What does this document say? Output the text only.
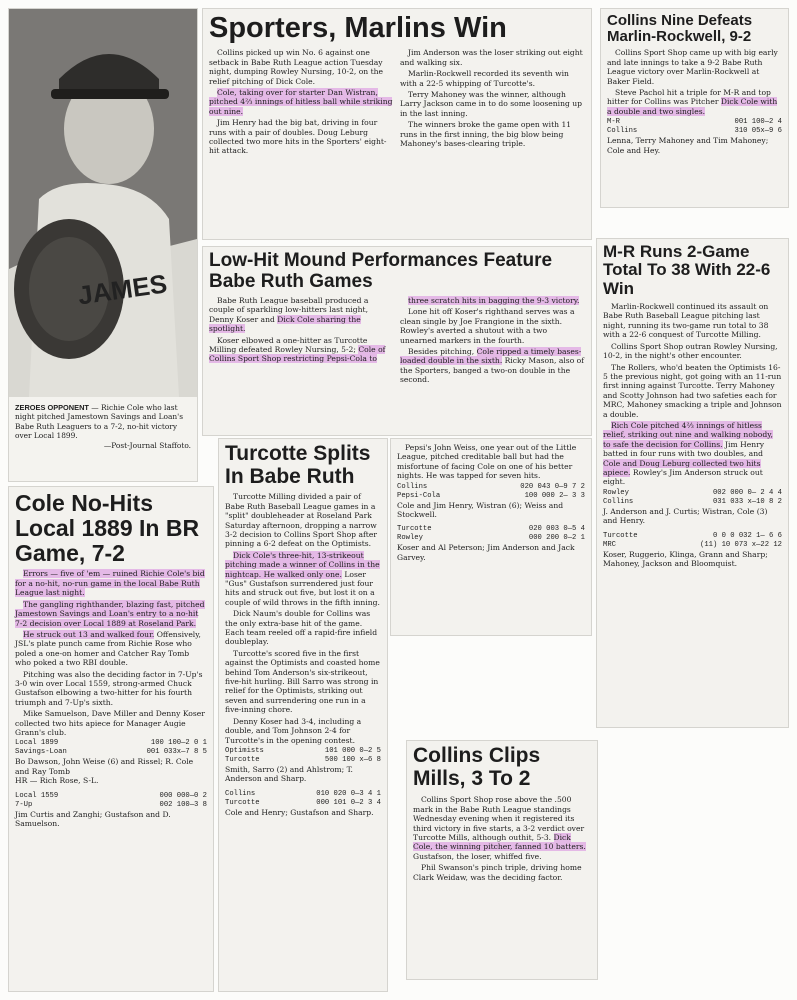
JAMES
ZEROES OPPONENT — Richie Cole who last night pitched Jamestown Savings and Loan's Babe Ruth Leaguers to a 7-2, no-hit victory over Local 1899.
—Post-Journal Staffoto.
Sporters, Marlins Win

Collins picked up win No. 6 against one setback in Babe Ruth League action Tuesday night, dumping Rowley Nursing, 10-2, on the relief pitching of Dick Cole.

Cole, taking over for starter Dan Wistran, pitched 4⅔ innings of hitless ball while striking out nine.

Jim Henry had the big bat, driving in four runs with a pair of doubles. Doug Leburg collected two more hits in the Sporters' eight-hit attack.

Jim Anderson was the loser striking out eight and walking six.

Marlin-Rockwell recorded its seventh win with a 22-5 whipping of Turcotte's.

Terry Mahoney was the winner, although Larry Jackson came in to do some loosening up in the last inning.

The winners broke the game open with 11 runs in the first inning, the big blow being Mahoney's bases-clearing triple.

Collins Nine Defeats Marlin-Rockwell, 9-2

Collins Sport Shop came up with big early and late innings to take a 9-2 Babe Ruth League victory over Marlin-Rockwell at Baker Field.

Steve Pachol hit a triple for M-R and top hitter for Collins was Pitcher Dick Cole with a double and two singles.

M-R	001 100—2 4
Collins	310 05x—9 6
Lenna, Terry Mahoney and Tim Mahoney; Cole and Hey.
Low-Hit Mound Performances Feature Babe Ruth Games

Babe Ruth League baseball produced a couple of sparkling low-hitters last night, Denny Koser and Dick Cole sharing the spotlight.

Koser elbowed a one-hitter as Turcotte Milling defeated Rowley Nursing, 5-2; Cole of Collins Sport Shop restricting Pepsi-Cola to

three scratch hits in bagging the 9-3 victory.

Lone hit off Koser's righthand serves was a clean single by Joe Frangione in the sixth. Rowley's averted a shutout with a two unearned markers in the fourth.

Besides pitching, Cole ripped a timely bases-loaded double in the sixth. Ricky Mason, also of the Sporters, banged a two-on double in the second.

Pepsi's John Weiss, one year out of the Little League, pitched creditable ball but had the misfortune of facing Cole on one of his better nights. He was tapped for seven hits.

Collins	020 043 0—9 7 2
Pepsi-Cola	100 000 2— 3 3
Cole and Jim Henry, Wistran (6); Weiss and Stockwell.
Turcotte	020 003 0—5 4
Rowley	000 200 0—2 1
Koser and Al Peterson; Jim Anderson and Jack Garvey.
Turcotte Splits In Babe Ruth

Turcotte Milling divided a pair of Babe Ruth Baseball League games in a "split" doubleheader at Roseland Park Saturday afternoon, dropping a narrow 3-2 decision to Collins Sport Shop after pinning a 6-2 defeat on the Optimists.

Dick Cole's three-hit, 13-strikeout pitching made a winner of Collins in the nightcap. He walked only one. Loser "Gus" Gustafson surrendered just four hits and struck out five, but lost it on a couple of wild throws in the fifth inning.

Dick Naum's double for Collins was the only extra-base hit of the game. Each team reeled off a rapid-fire infield doubleplay.

Turcotte's scored five in the first against the Optimists and coasted home behind Tom Anderson's six-strikeout, five-hit hurling. Bill Sarro was strong in relief for the Optimists, striking out seven and surrendering one run in a five-inning chore.

Denny Koser had 3-4, including a double, and Tom Johnson 2-4 for Turcotte's in the opening contest.

Optimists	101 000 0—2 5
Turcotte	500 100 x—6 8
Smith, Sarro (2) and Ahlstrom; T. Anderson and Sharp.
Collins	010 020 0—3 4 1
Turcotte	000 101 0—2 3 4
Cole and Henry; Gustafson and Sharp.
M-R Runs 2-Game Total To 38 With 22-6 Win

Marlin-Rockwell continued its assault on Babe Ruth Baseball League pitching last night, running its two-game run total to 38 with a 22-6 conquest of Turcotte Milling.

Collins Sport Shop outran Rowley Nursing, 10-2, in the night's other encounter.

The Rollers, who'd beaten the Optimists 16-5 the previous night, got going with an 11-run first inning against Turcotte. Terry Mahoney and Scotty Johnson had two safeties each for MRC, Mahoney smacking a triple and Johnson a double.

Rich Cole pitched 4⅔ innings of hitless relief, striking out nine and walking nobody, to safe the decision for Collins. Jim Henry batted in four runs with two doubles, and Cole and Doug Leburg collected two hits apiece. Rowley's Jim Anderson struck out eight.

Rowley	002 000 0— 2 4 4
Collins	031 033 x—10 8 2
J. Anderson and J. Curtis; Wistran, Cole (3) and Henry.
Turcotte	0 0 0 032 1— 6 6
MRC	(11) 10 073 x—22 12
Koser, Ruggerio, Klinga, Grann and Sharp; Mahoney, Jackson and Bloomquist.
Cole No-Hits Local 1889 In BR Game, 7-2

Errors — five of 'em — ruined Richie Cole's bid for a no-hit, no-run game in the local Babe Ruth League last night.

The gangling righthander, blazing fast, pitched Jamestown Savings and Loan's entry to a no-hit 7-2 decision over Local 1889 at Roseland Park.

He struck out 13 and walked four. Offensively, JSL's plate punch came from Richie Rose who poled a one-on homer and Catcher Ray Tomb who poked a two RBI double.

Pitching was also the deciding factor in 7-Up's 3-0 win over Local 1559, strong-armed Chuck Gustafson elbowing a two-hitter for his fourth triumph and 7-Up's sixth.

Mike Samuelson, Dave Miller and Denny Koser collected two hits apiece for Manager Augie Grann's club.

Local 1899	100 100—2 0 1
Savings-Loan	001 033x—7 8 5
Bo Dawson, John Weise (6) and Rissel; R. Cole and Ray Tomb
HR — Rich Rose, S-L.
Local 1559	000 000—0 2
7-Up	002 100—3 8
Jim Curtis and Zanghi; Gustafson and D. Samuelson.
Collins Clips Mills, 3 To 2

Collins Sport Shop rose above the .500 mark in the Babe Ruth League standings Wednesday evening when it registered its third victory in five starts, a 3-2 verdict over Turcotte Mills, although outhit, 5-3. Dick Cole, the winning pitcher, fanned 10 batters. Gustafson, the loser, whiffed five.

Phil Swanson's pinch triple, driving home Clark Weidaw, was the deciding factor.
